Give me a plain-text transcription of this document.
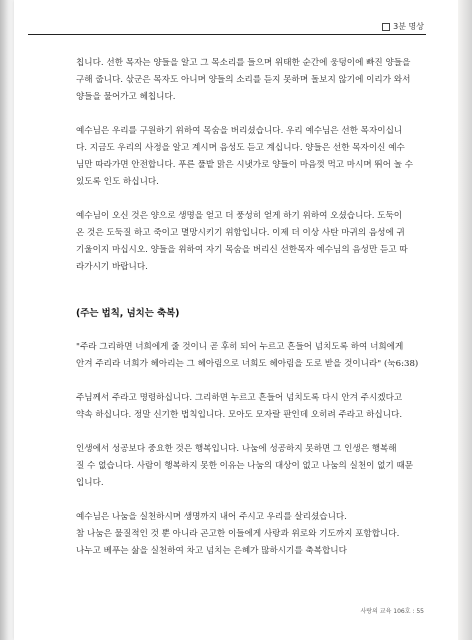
3분 명상

칩니다. 선한 목자는 양들을 알고 그 목소리를 들으며 위태한 순간에 웅덩이에 빠진 양들을

구해 줍니다. 삯군은 목자도 아니며 양들의 소리를 듣지 못하며 돌보지 않기에 이리가 와서

양들을 물어가고 헤칩니다.

예수님은 우리를 구원하기 위하여 목숨을 버리셨습니다. 우리 예수님은 선한 목자이십니

다. 지금도 우리의 사정을 알고 계시며 음성도 듣고 계십니다. 양들은 선한 목자이신 예수

님만 따라가면 안전합니다. 푸른 풀밭 맑은 시냇가로 양들이 마음껏 먹고 마시며 뛰어 놀 수

있도록 인도 하십니다.

예수님이 오신 것은 양으로 생명을 얻고 더 풍성히 얻게 하기 위하여 오셨습니다. 도둑이

온 것은 도둑질 하고 죽이고 멸망시키기 위함입니다. 이제 더 이상 사탄 마귀의 음성에 귀

기울이지 마십시오. 양들을 위하여 자기 목숨을 버리신 선한목자 예수님의 음성만 듣고 따

라가시기 바랍니다.

(주는 법칙, 넘치는 축복)

"주라 그리하면 너희에게 줄 것이니 곧 후히 되어 누르고 흔들어 넘치도록 하여 너희에게

안겨 주리라 너희가 헤아리는 그 헤아림으로 너희도 헤아림을 도로 받을 것이니라" (눅6:38)

주님께서 주라고 명령하십니다. 그리하면 누르고 흔들어 넘치도록 다시 안겨 주시겠다고

약속 하십니다. 정말 신기한 법칙입니다. 모아도 모자랄 판인데 오히려 주라고 하십니다.

인생에서 성공보다 중요한 것은 행복입니다. 나눔에 성공하지 못하면 그 인생은 행복해

질 수 없습니다. 사람이 행복하지 못한 이유는 나눔의 대상이 없고 나눔의 실천이 없기 때문

입니다.

예수님은 나눔을 실천하시며 생명까지 내어 주시고 우리를 살리셨습니다.

참 나눔은 물질적인 것 뿐 아니라 곤고한 이들에게 사랑과 위로와 기도까지 포함합니다.

나누고 베푸는 삶을 실천하여 차고 넘치는 은혜가 많하시기를 축복합니다

사랑의 교육 106호 : 55
